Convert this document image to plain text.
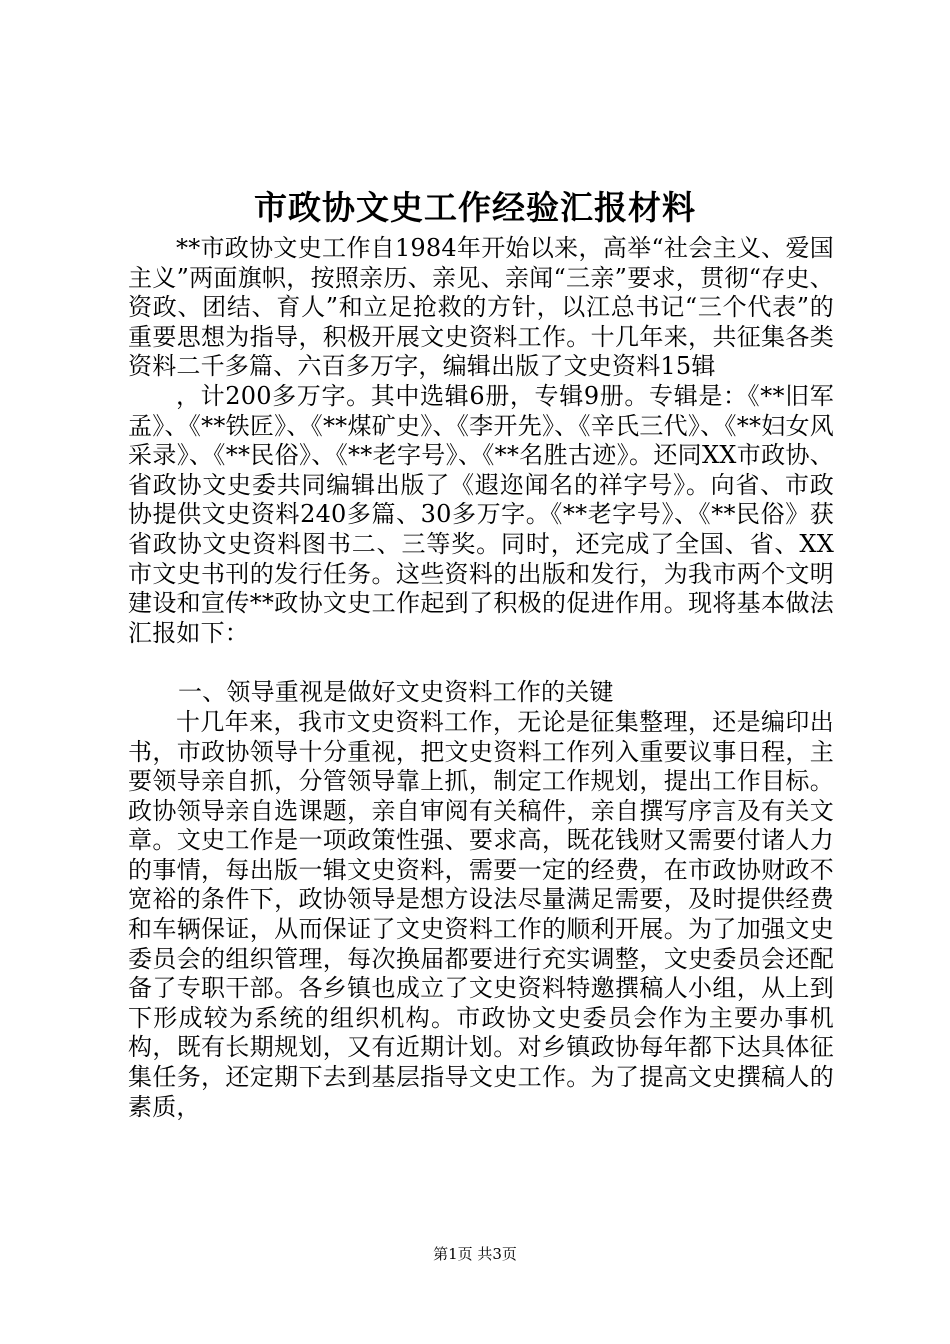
市政协文史工作经验汇报材料

**市政协文史工作自1984年开始以来，高举“社会主义、爱国主义”两面旗帜，按照亲历、亲见、亲闻“三亲”要求，贯彻“存史、资政、团结、育人”和立足抢救的方针，以江总书记“三个代表”的重要思想为指导，积极开展文史资料工作。十几年来，共征集各类资料二千多篇、六百多万字，编辑出版了文史资料15辑

，计200多万字。其中选辑6册，专辑9册。专辑是：《**旧军孟》、《**铁匠》、《**煤矿史》、《李开先》、《辛氏三代》、《**妇女风采录》、《**民俗》、《**老字号》、《**名胜古迹》。还同XX市政协、省政协文史委共同编辑出版了《遐迩闻名的祥字号》。向省、市政协提供文史资料240多篇、30多万字。《**老字号》、《**民俗》获省政协文史资料图书二、三等奖。同时，还完成了全国、省、XX市文史书刊的发行任务。这些资料的出版和发行，为我市两个文明建设和宣传**政协文史工作起到了积极的促进作用。现将基本做法汇报如下：

一、领导重视是做好文史资料工作的关键

十几年来，我市文史资料工作，无论是征集整理，还是编印出书，市政协领导十分重视，把文史资料工作列入重要议事日程，主要领导亲自抓，分管领导靠上抓，制定工作规划，提出工作目标。政协领导亲自选课题，亲自审阅有关稿件，亲自撰写序言及有关文章。文史工作是一项政策性强、要求高，既花钱财又需要付诸人力的事情，每出版一辑文史资料，需要一定的经费，在市政协财政不宽裕的条件下，政协领导是想方设法尽量满足需要，及时提供经费和车辆保证，从而保证了文史资料工作的顺利开展。为了加强文史委员会的组织管理，每次换届都要进行充实调整，文史委员会还配备了专职干部。各乡镇也成立了文史资料特邀撰稿人小组，从上到下形成较为系统的组织机构。市政协文史委员会作为主要办事机构，既有长期规划，又有近期计划。对乡镇政协每年都下达具体征集任务，还定期下去到基层指导文史工作。为了提高文史撰稿人的素质，

第1页 共3页
